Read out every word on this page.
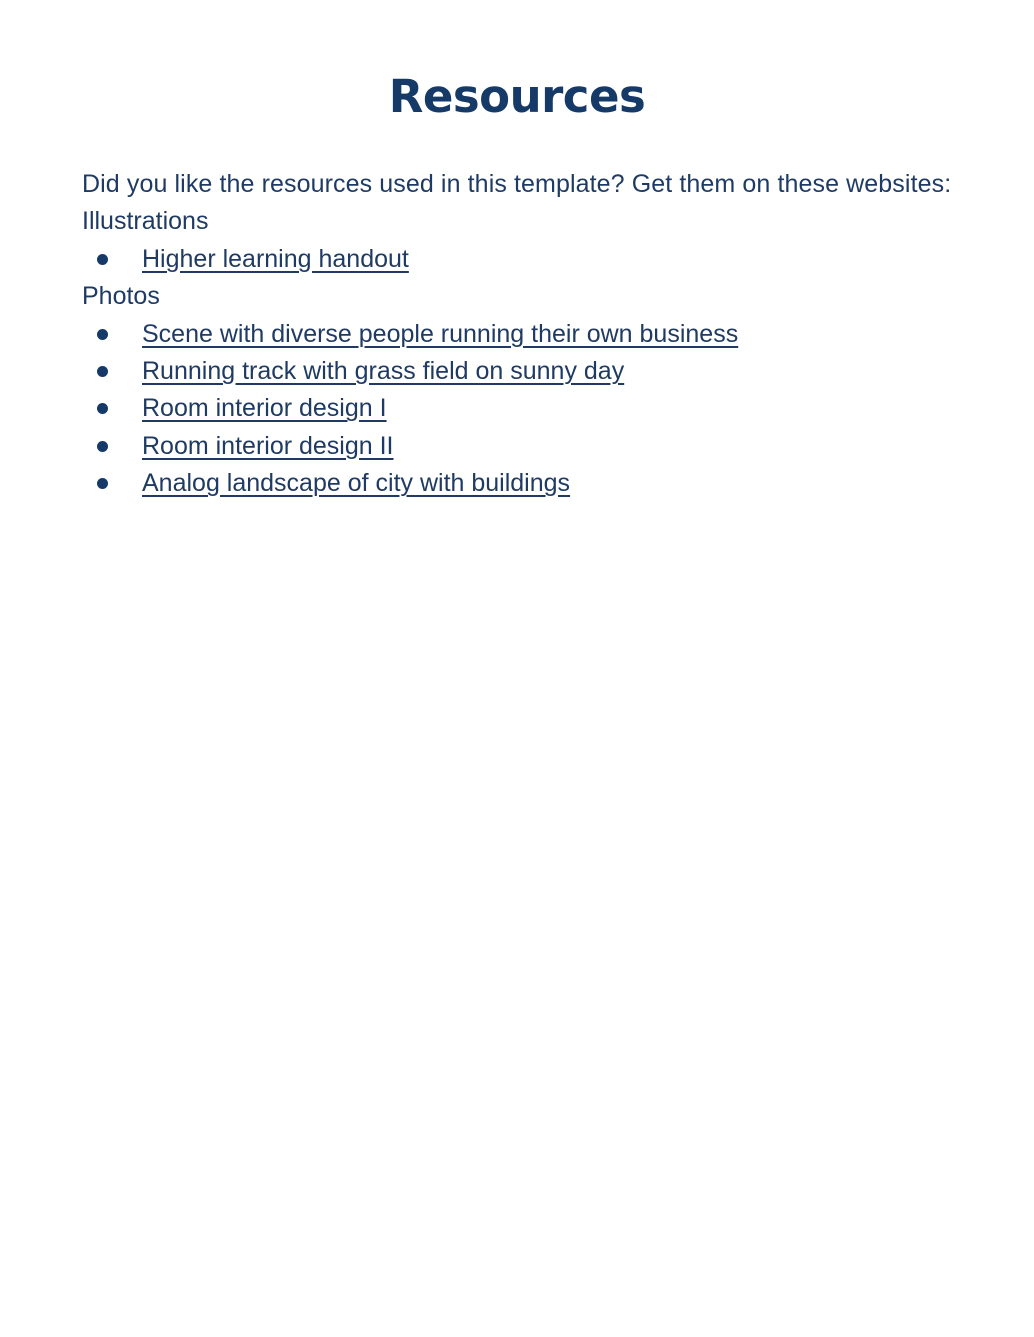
Resources

Did you like the resources used in this template? Get them on these websites:

Illustrations

Higher learning handout

Photos

Scene with diverse people running their own business
Running track with grass field on sunny day
Room interior design I
Room interior design II
Analog landscape of city with buildings
